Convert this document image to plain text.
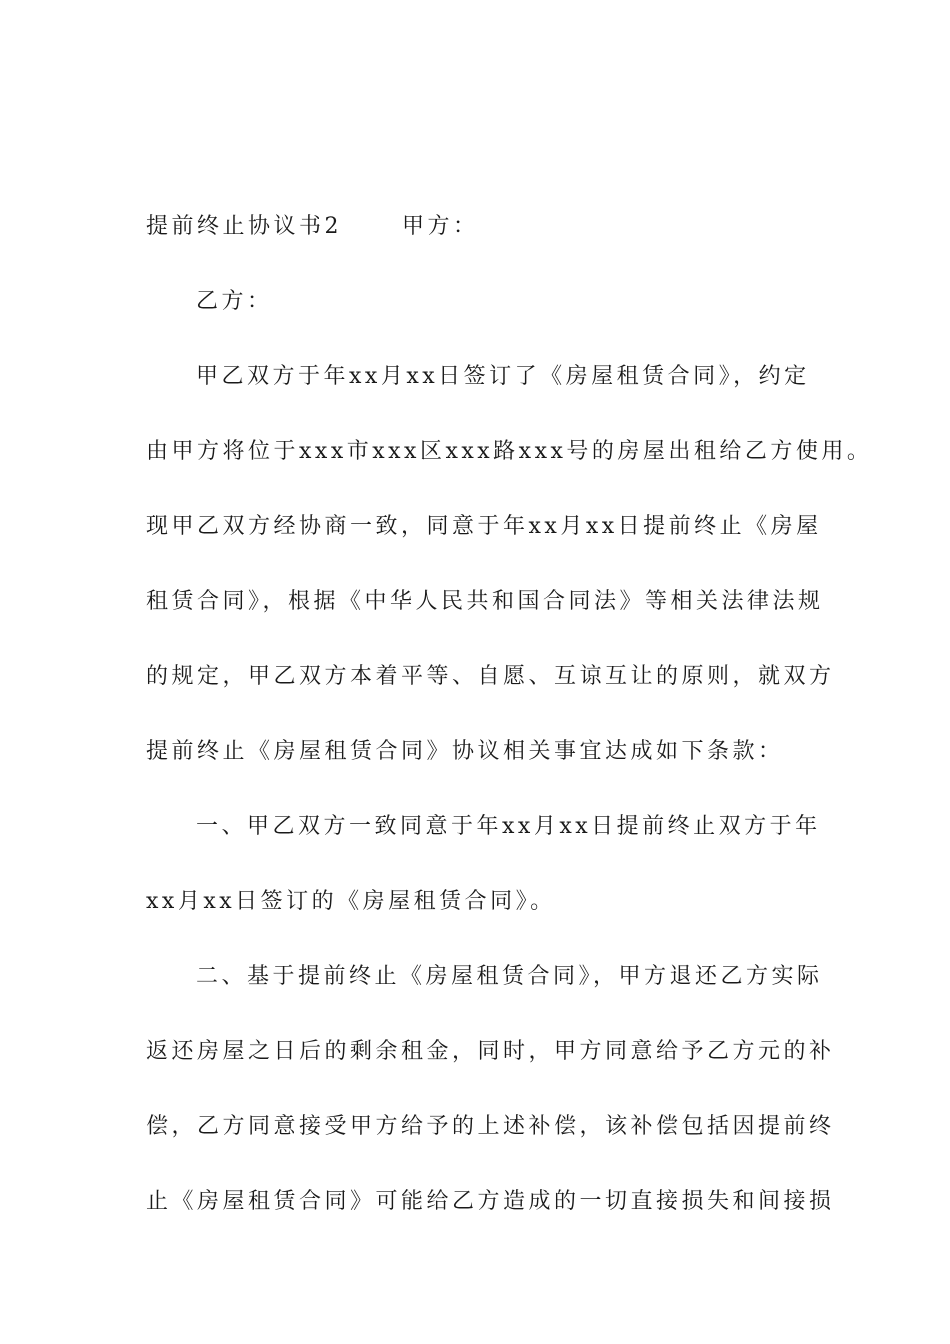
提前终止协议书2	甲方：
乙方：
甲乙双方于年xx月xx日签订了《房屋租赁合同》，约定
由甲方将位于xxx市xxx区xxx路xxx号的房屋出租给乙方使用。
现甲乙双方经协商一致，同意于年xx月xx日提前终止《房屋
租赁合同》，根据《中华人民共和国合同法》等相关法律法规
的规定，甲乙双方本着平等、自愿、互谅互让的原则，就双方
提前终止《房屋租赁合同》协议相关事宜达成如下条款：
一、甲乙双方一致同意于年xx月xx日提前终止双方于年
xx月xx日签订的《房屋租赁合同》。
二、基于提前终止《房屋租赁合同》，甲方退还乙方实际
返还房屋之日后的剩余租金，同时，甲方同意给予乙方元的补
偿，乙方同意接受甲方给予的上述补偿，该补偿包括因提前终
止《房屋租赁合同》可能给乙方造成的一切直接损失和间接损
